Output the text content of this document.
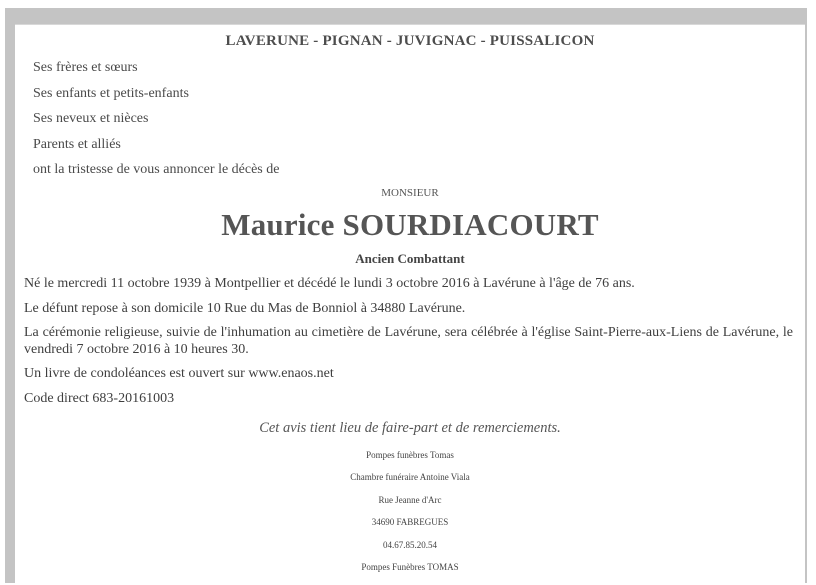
LAVERUNE - PIGNAN - JUVIGNAC - PUISSALICON
Ses frères et sœurs
Ses enfants et petits-enfants
Ses neveux et nièces
Parents et alliés
ont la tristesse de vous annoncer le décès de
MONSIEUR
Maurice SOURDIACOURT
Ancien Combattant

Né le mercredi 11 octobre 1939 à Montpellier et décédé le lundi 3 octobre 2016 à Lavérune à l'âge de 76 ans.

Le défunt repose à son domicile 10 Rue du Mas de Bonniol à 34880 Lavérune.

La cérémonie religieuse, suivie de l'inhumation au cimetière de Lavérune, sera célébrée à l'église Saint-Pierre-aux-Liens de Lavérune, le vendredi 7 octobre 2016 à 10 heures 30.

Un livre de condoléances est ouvert sur www.enaos.net

Code direct 683-20161003

Cet avis tient lieu de faire-part et de remerciements.
Pompes funèbres Tomas
Chambre funéraire Antoine Viala
Rue Jeanne d'Arc
34690 FABREGUES
04.67.85.20.54
Pompes Funèbres TOMAS
